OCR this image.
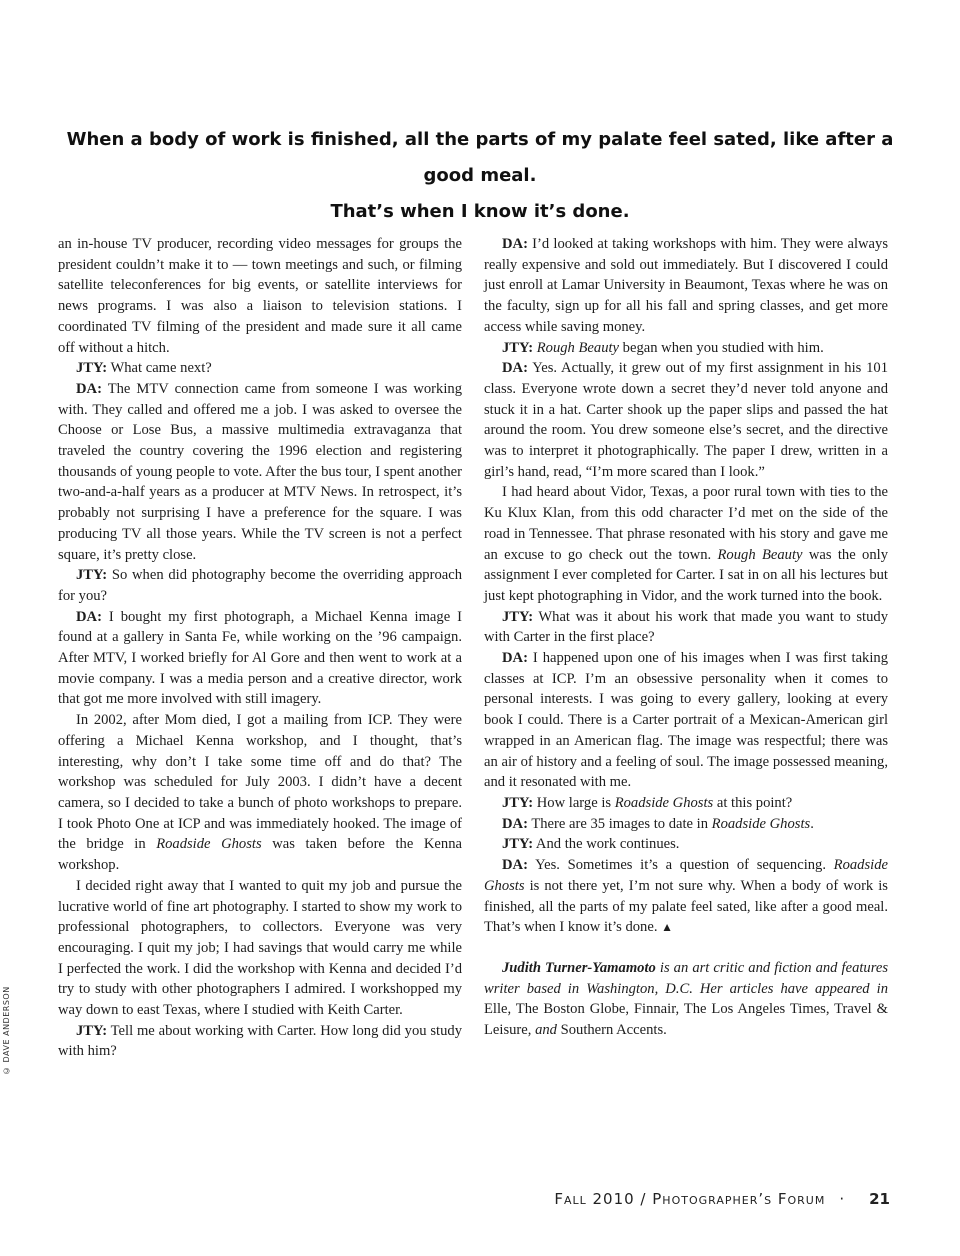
When a body of work is finished, all the parts of my palate feel sated, like after a good meal.
That’s when I know it’s done.

an in-house TV producer, recording video messages for groups the president couldn’t make it to — town meetings and such, or filming satellite teleconferences for big events, or satellite interviews for news programs. I was also a liaison to television stations. I coordinated TV filming of the president and made sure it all came off without a hitch.

JTY: What came next?

DA: The MTV connection came from someone I was working with. They called and offered me a job. I was asked to oversee the Choose or Lose Bus, a massive multimedia extravaganza that traveled the country covering the 1996 election and registering thousands of young people to vote. After the bus tour, I spent another two-and-a-half years as a producer at MTV News. In retrospect, it’s probably not surprising I have a preference for the square. I was producing TV all those years. While the TV screen is not a perfect square, it’s pretty close.

JTY: So when did photography become the overriding approach for you?

DA: I bought my first photograph, a Michael Kenna image I found at a gallery in Santa Fe, while working on the ’96 campaign. After MTV, I worked briefly for Al Gore and then went to work at a movie company. I was a media person and a creative director, work that got me more involved with still imagery.

In 2002, after Mom died, I got a mailing from ICP. They were offering a Michael Kenna workshop, and I thought, that’s interesting, why don’t I take some time off and do that? The workshop was scheduled for July 2003. I didn’t have a decent camera, so I decided to take a bunch of photo workshops to prepare. I took Photo One at ICP and was immediately hooked. The image of the bridge in Roadside Ghosts was taken before the Kenna workshop.

I decided right away that I wanted to quit my job and pursue the lucrative world of fine art photography. I started to show my work to professional photographers, to collectors. Everyone was very encouraging. I quit my job; I had savings that would carry me while I perfected the work. I did the workshop with Kenna and decided I’d try to study with other photographers I admired. I workshopped my way down to east Texas, where I studied with Keith Carter.

JTY: Tell me about working with Carter. How long did you study with him?

DA: I’d looked at taking workshops with him. They were always really expensive and sold out immediately. But I discovered I could just enroll at Lamar University in Beaumont, Texas where he was on the faculty, sign up for all his fall and spring classes, and get more access while saving money.

JTY: Rough Beauty began when you studied with him.

DA: Yes. Actually, it grew out of my first assignment in his 101 class. Everyone wrote down a secret they’d never told anyone and stuck it in a hat. Carter shook up the paper slips and passed the hat around the room. You drew someone else’s secret, and the directive was to interpret it photographically. The paper I drew, written in a girl’s hand, read, “I’m more scared than I look.”

I had heard about Vidor, Texas, a poor rural town with ties to the Ku Klux Klan, from this odd character I’d met on the side of the road in Tennessee. That phrase resonated with his story and gave me an excuse to go check out the town. Rough Beauty was the only assignment I ever completed for Carter. I sat in on all his lectures but just kept photographing in Vidor, and the work turned into the book.

JTY: What was it about his work that made you want to study with Carter in the first place?

DA: I happened upon one of his images when I was first taking classes at ICP. I’m an obsessive personality when it comes to personal interests. I was going to every gallery, looking at every book I could. There is a Carter portrait of a Mexican-American girl wrapped in an American flag. The image was respectful; there was an air of history and a feeling of soul. The image possessed meaning, and it resonated with me.

JTY: How large is Roadside Ghosts at this point?

DA: There are 35 images to date in Roadside Ghosts.

JTY: And the work continues.

DA: Yes. Sometimes it’s a question of sequencing. Roadside Ghosts is not there yet, I’m not sure why. When a body of work is finished, all the parts of my palate feel sated, like after a good meal. That’s when I know it’s done. ▲

Judith Turner-Yamamoto is an art critic and fiction and features writer based in Washington, D.C. Her articles have appeared in Elle, The Boston Globe, Finnair, The Los Angeles Times, Travel & Leisure, and Southern Accents.

© DAVE ANDERSON
Fall 2010 / Photographer’s Forum · 21
